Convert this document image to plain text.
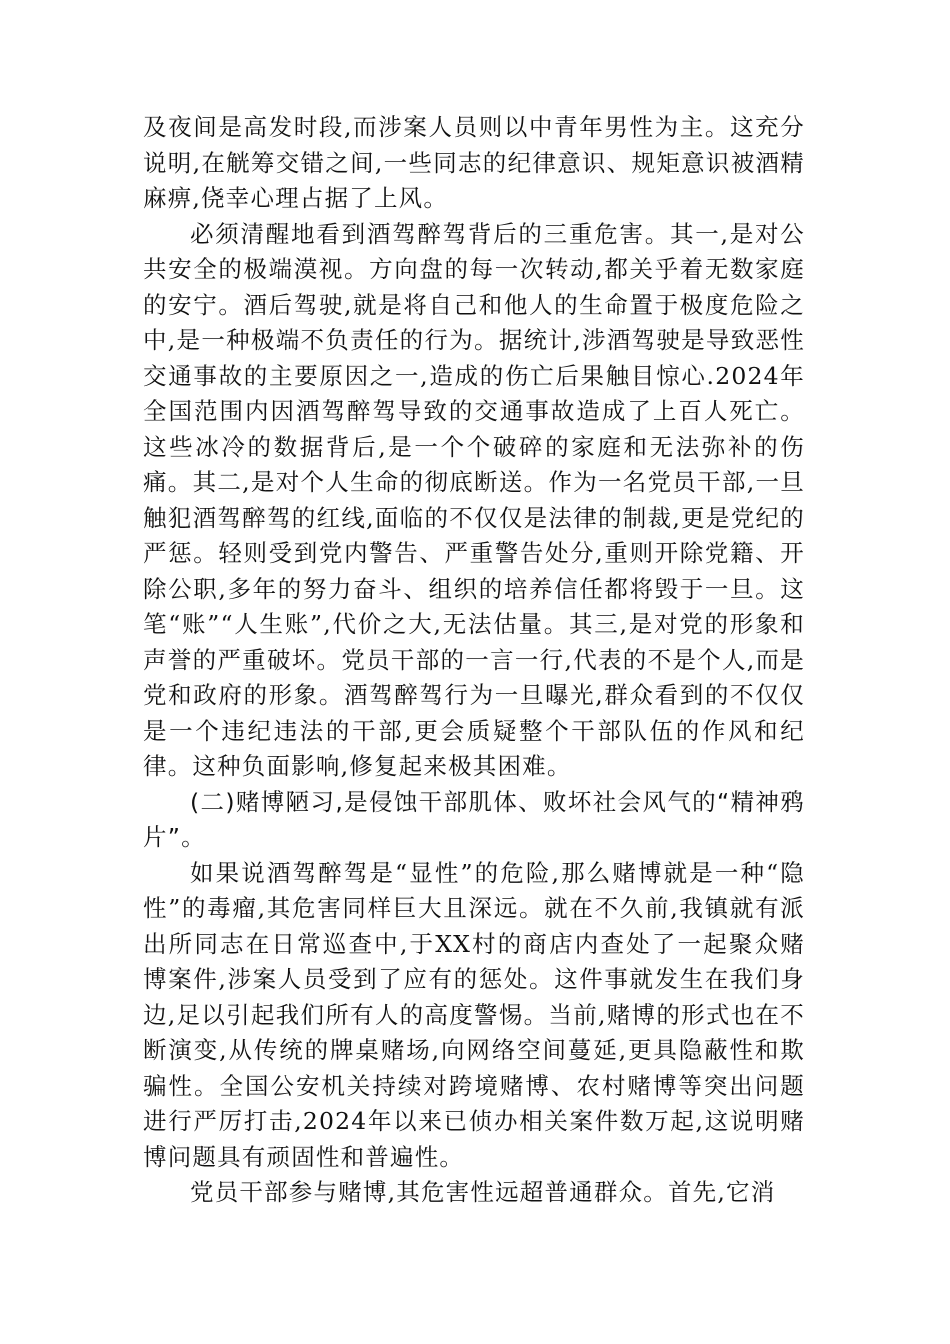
及夜间是高发时段,而涉案人员则以中青年男性为主。这充分说明,在觥筹交错之间,一些同志的纪律意识、规矩意识被酒精麻痹,侥幸心理占据了上风。

必须清醒地看到酒驾醉驾背后的三重危害。其一,是对公共安全的极端漠视。方向盘的每一次转动,都关乎着无数家庭的安宁。酒后驾驶,就是将自己和他人的生命置于极度危险之中,是一种极端不负责任的行为。据统计,涉酒驾驶是导致恶性交通事故的主要原因之一,造成的伤亡后果触目惊心.2024年全国范围内因酒驾醉驾导致的交通事故造成了上百人死亡。这些冰冷的数据背后,是一个个破碎的家庭和无法弥补的伤痛。其二,是对个人生命的彻底断送。作为一名党员干部,一旦触犯酒驾醉驾的红线,面临的不仅仅是法律的制裁,更是党纪的严惩。轻则受到党内警告、严重警告处分,重则开除党籍、开除公职,多年的努力奋斗、组织的培养信任都将毁于一旦。这笔“账”“人生账”,代价之大,无法估量。其三,是对党的形象和声誉的严重破坏。党员干部的一言一行,代表的不是个人,而是党和政府的形象。酒驾醉驾行为一旦曝光,群众看到的不仅仅是一个违纪违法的干部,更会质疑整个干部队伍的作风和纪律。这种负面影响,修复起来极其困难。

(二)赌博陋习,是侵蚀干部肌体、败坏社会风气的“精神鸦片”。

如果说酒驾醉驾是“显性”的危险,那么赌博就是一种“隐性”的毒瘤,其危害同样巨大且深远。就在不久前,我镇就有派出所同志在日常巡查中,于XX村的商店内查处了一起聚众赌博案件,涉案人员受到了应有的惩处。这件事就发生在我们身边,足以引起我们所有人的高度警惕。当前,赌博的形式也在不断演变,从传统的牌桌赌场,向网络空间蔓延,更具隐蔽性和欺骗性。全国公安机关持续对跨境赌博、农村赌博等突出问题进行严厉打击,2024年以来已侦办相关案件数万起,这说明赌博问题具有顽固性和普遍性。

党员干部参与赌博,其危害性远超普通群众。首先,它消
